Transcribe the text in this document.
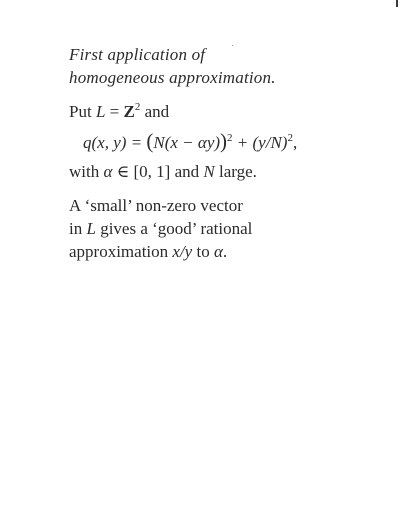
First application of
homogeneous approximation.

Put $L = Z^2$ and

q(x, $y) = (N(x - \alpha y))^2 + (y/N)^2$,

with α ∈ [0, 1] and N large.

A ‘small’ non-zero vector
in L gives a ‘good’ rational
approximation x/y to α.
